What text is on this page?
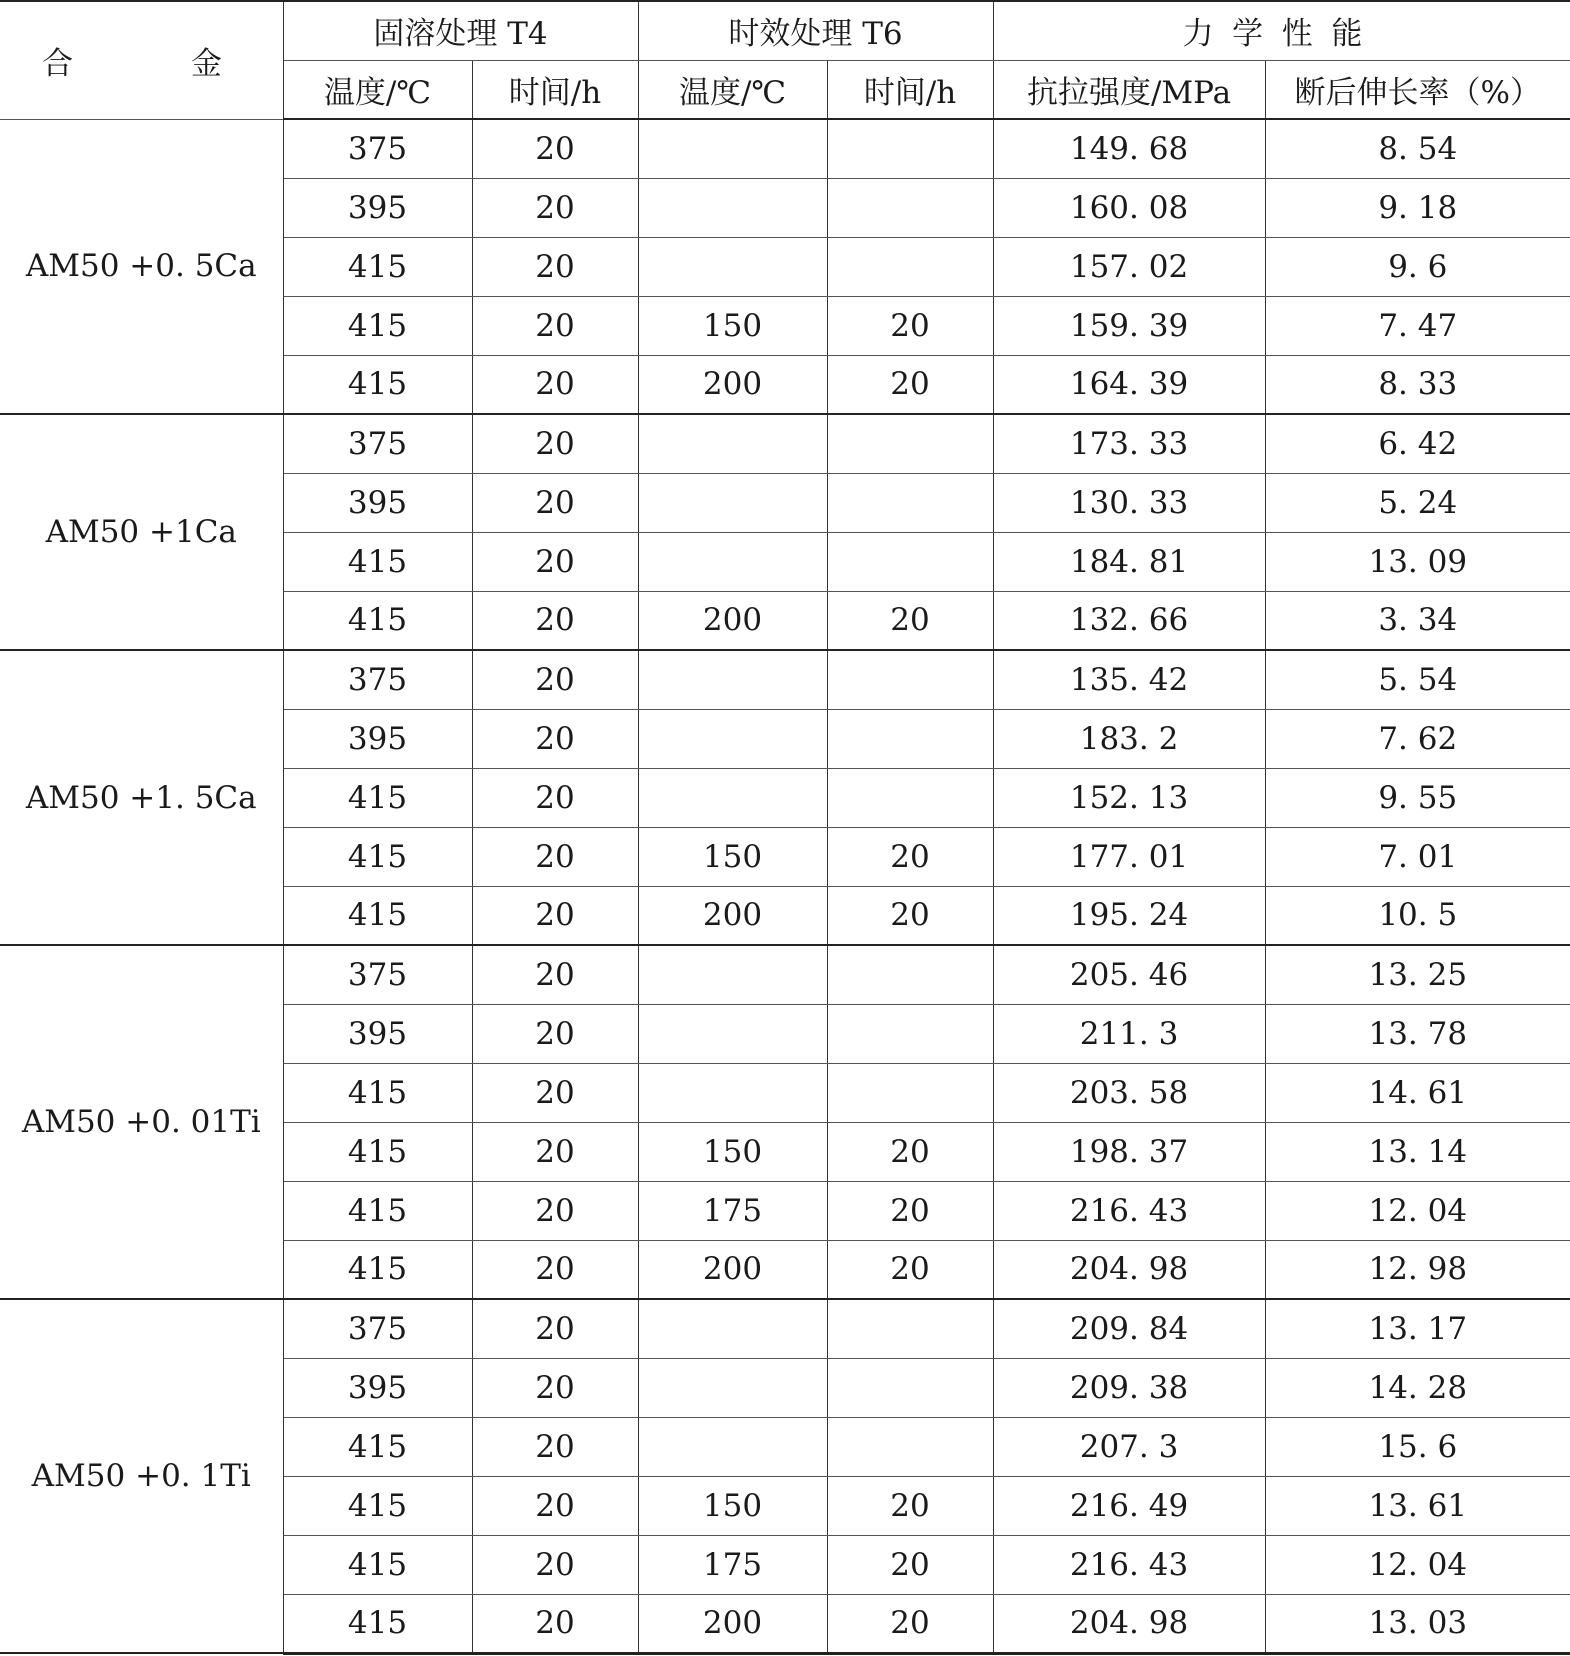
合　　金	固溶处理 T4		时效处理 T6		力学性能	
	温度/℃	时间/h	温度/℃	时间/h	抗拉强度/MPa	断后伸长率（%）
AM50 +0. 5Ca	375	20			149. 68	8. 54
	395	20			160. 08	9. 18
	415	20			157. 02	9. 6
	415	20	150	20	159. 39	7. 47
	415	20	200	20	164. 39	8. 33
AM50 +1Ca	375	20			173. 33	6. 42
	395	20			130. 33	5. 24
	415	20			184. 81	13. 09
	415	20	200	20	132. 66	3. 34
AM50 +1. 5Ca	375	20			135. 42	5. 54
	395	20			183. 2	7. 62
	415	20			152. 13	9. 55
	415	20	150	20	177. 01	7. 01
	415	20	200	20	195. 24	10. 5
AM50 +0. 01Ti	375	20			205. 46	13. 25
	395	20			211. 3	13. 78
	415	20			203. 58	14. 61
	415	20	150	20	198. 37	13. 14
	415	20	175	20	216. 43	12. 04
	415	20	200	20	204. 98	12. 98
AM50 +0. 1Ti	375	20			209. 84	13. 17
	395	20			209. 38	14. 28
	415	20			207. 3	15. 6
	415	20	150	20	216. 49	13. 61
	415	20	175	20	216. 43	12. 04
	415	20	200	20	204. 98	13. 03
